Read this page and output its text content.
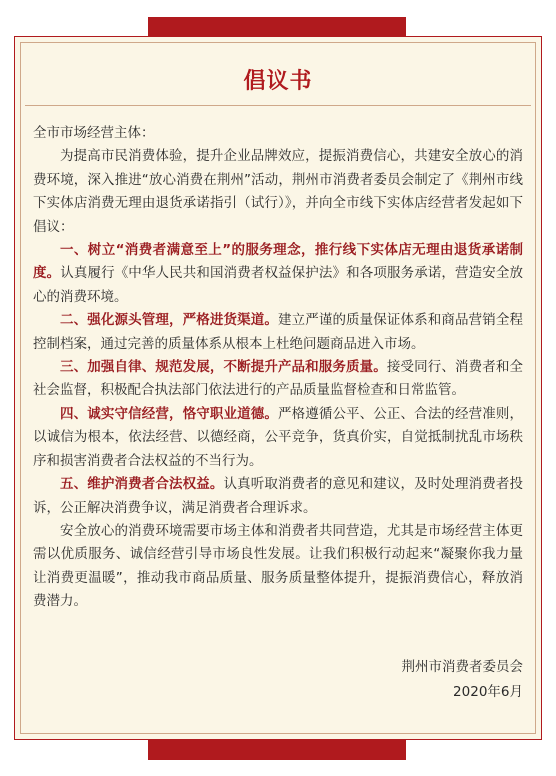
倡议书

全市市场经营主体：

为提高市民消费体验，提升企业品牌效应，提振消费信心，共建安全放心的消费环境，深入推进“放心消费在荆州”活动，荆州市消费者委员会制定了《荆州市线下实体店消费无理由退货承诺指引（试行）》，并向全市线下实体店经营者发起如下倡议：

一、树立“消费者满意至上”的服务理念，推行线下实体店无理由退货承诺制度。认真履行《中华人民共和国消费者权益保护法》和各项服务承诺，营造安全放心的消费环境。

二、强化源头管理，严格进货渠道。建立严谨的质量保证体系和商品营销全程控制档案，通过完善的质量体系从根本上杜绝问题商品进入市场。

三、加强自律、规范发展，不断提升产品和服务质量。接受同行、消费者和全社会监督，积极配合执法部门依法进行的产品质量监督检查和日常监管。

四、诚实守信经营，恪守职业道德。严格遵循公平、公正、合法的经营准则，以诚信为根本，依法经营、以德经商，公平竞争，货真价实，自觉抵制扰乱市场秩序和损害消费者合法权益的不当行为。

五、维护消费者合法权益。认真听取消费者的意见和建议，及时处理消费者投诉，公正解决消费争议，满足消费者合理诉求。

安全放心的消费环境需要市场主体和消费者共同营造，尤其是市场经营主体更需以优质服务、诚信经营引导市场良性发展。让我们积极行动起来“凝聚你我力量 让消费更温暖”，推动我市商品质量、服务质量整体提升，提振消费信心，释放消费潜力。

荆州市消费者委员会
2020年6月
